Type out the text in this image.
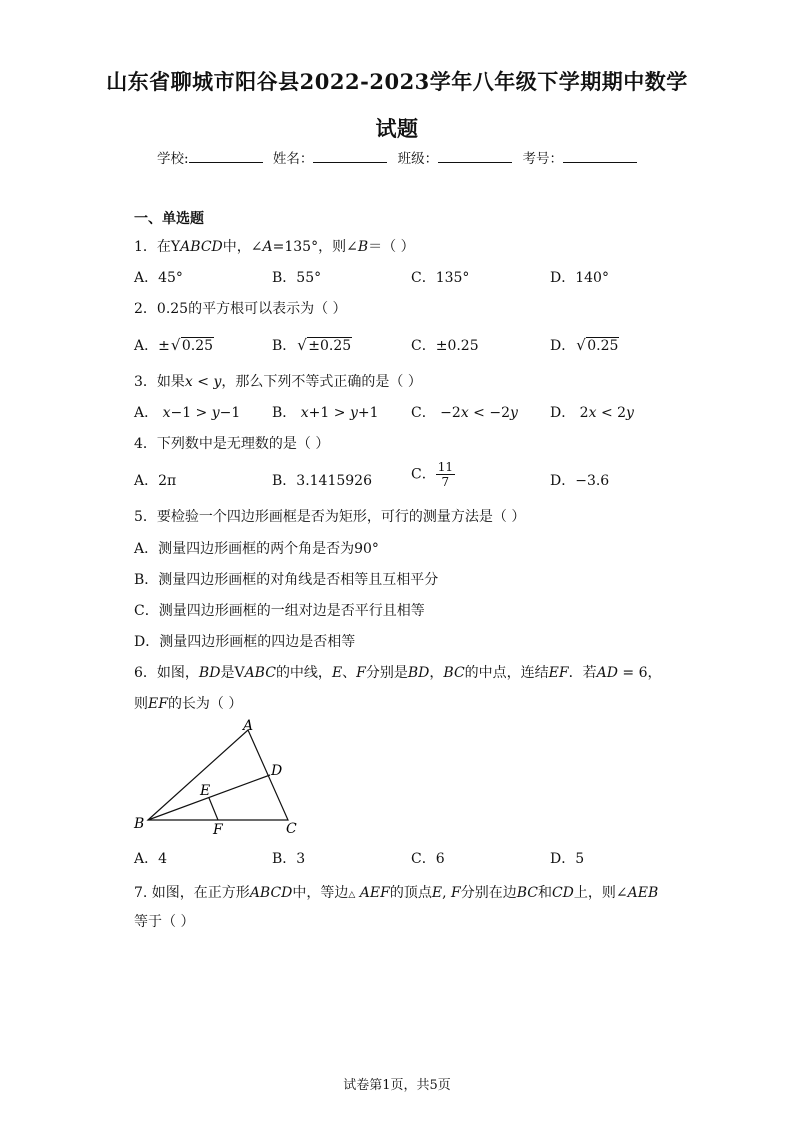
山东省聊城市阳谷县2022-2023学年八年级下学期期中数学
试题
学校:	姓名：	班级：	考号：
一、单选题
1．在YABCD中，∠A=135°，则∠B＝（ ）
A．45°	B．55°	C．135°	D．140°
2．0.25的平方根可以表示为（ ）
A．± √ 0.25	B． √ ±0.25	C．±0.25	D． √ 0.25
3．如果x < y，那么下列不等式正确的是（ ）
A． x−1 > y−1 B． x+1 > y+1 C． −2x < −2y D． 2x < 2y
4．下列数中是无理数的是（ ）
A．2π	B．3.1415926	C． $\frac{11}{7}$	D．−3.6
5．要检验一个四边形画框是否为矩形，可行的测量方法是（ ）
A．测量四边形画框的两个角是否为90°
B．测量四边形画框的对角线是否相等且互相平分
C．测量四边形画框的一组对边是否平行且相等
D．测量四边形画框的四边是否相等
6．如图，BD是VABC的中线，E、F分别是BD，BC的中点，连结EF．若AD = 6，
则EF的长为（ ）
A
B	C
D
E
F
A．4	B．3	C．6	D．5
7. 如图，在正方形ABCD中，等边△ AEF的顶点E, F分别在边BC和CD上，则∠AEB
等于（ ）
试卷第1页，共5页
